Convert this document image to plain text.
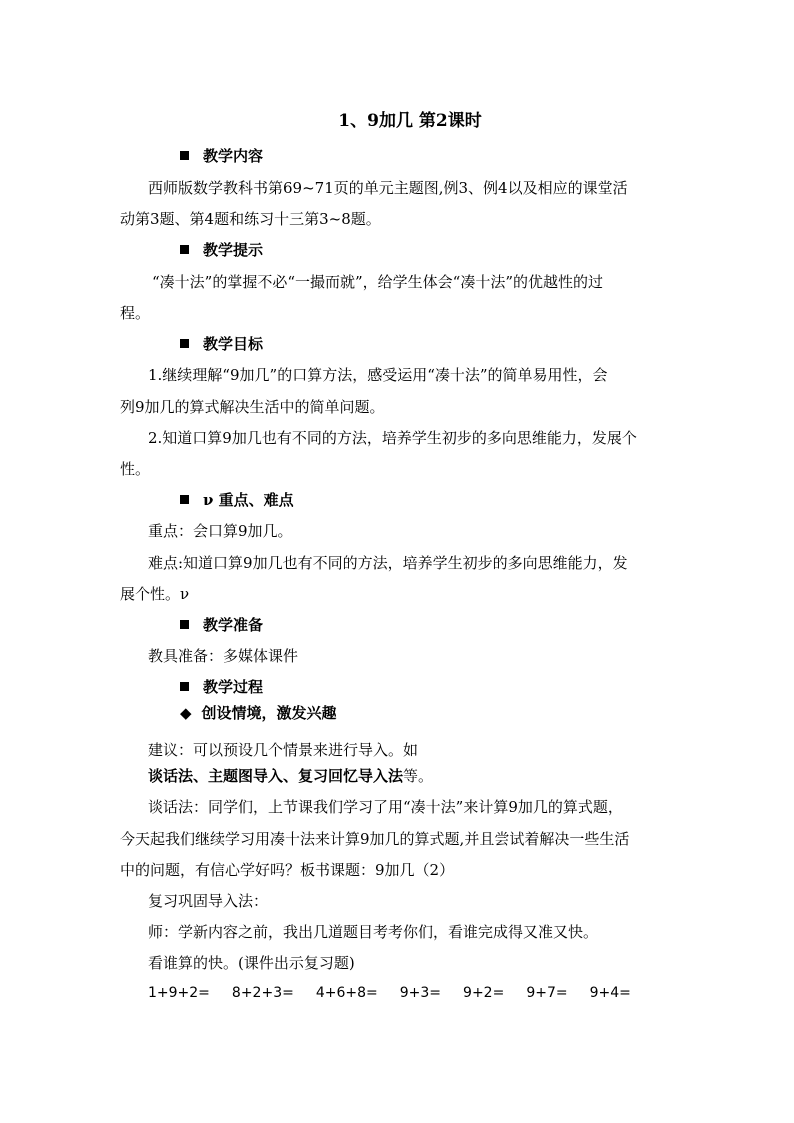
1、9加几 第2课时
教学内容
西师版数学教科书第69~71页的单元主题图,例3、例4以及相应的课堂活
动第3题、第4题和练习十三第3~8题。
教学提示
“凑十法”的掌握不必“一撮而就”，给学生体会“凑十法”的优越性的过
程。
教学目标
1.继续理解“9加几”的口算方法，感受运用“凑十法”的简单易用性，会
列9加几的算式解决生活中的简单问题。
2.知道口算9加几也有不同的方法，培养学生初步的多向思维能力，发展个
性。
ν 重点、难点
重点：会口算9加几。
难点:知道口算9加几也有不同的方法，培养学生初步的多向思维能力，发
展个性。ν
教学准备
教具准备：多媒体课件
教学过程
◆ 创设情境，激发兴趣
建议：可以预设几个情景来进行导入。如
谈话法、主题图导入、复习回忆导入法等。
谈话法：同学们，上节课我们学习了用“凑十法”来计算9加几的算式题，
今天起我们继续学习用凑十法来计算9加几的算式题,并且尝试着解决一些生活
中的问题，有信心学好吗？板书课题：9加几（2）
复习巩固导入法：
师：学新内容之前，我出几道题目考考你们，看谁完成得又准又快。
看谁算的快。(课件出示复习题)
1+9+2= 8+2+3= 4+6+8= 9+3= 9+2= 9+7= 9+4=
